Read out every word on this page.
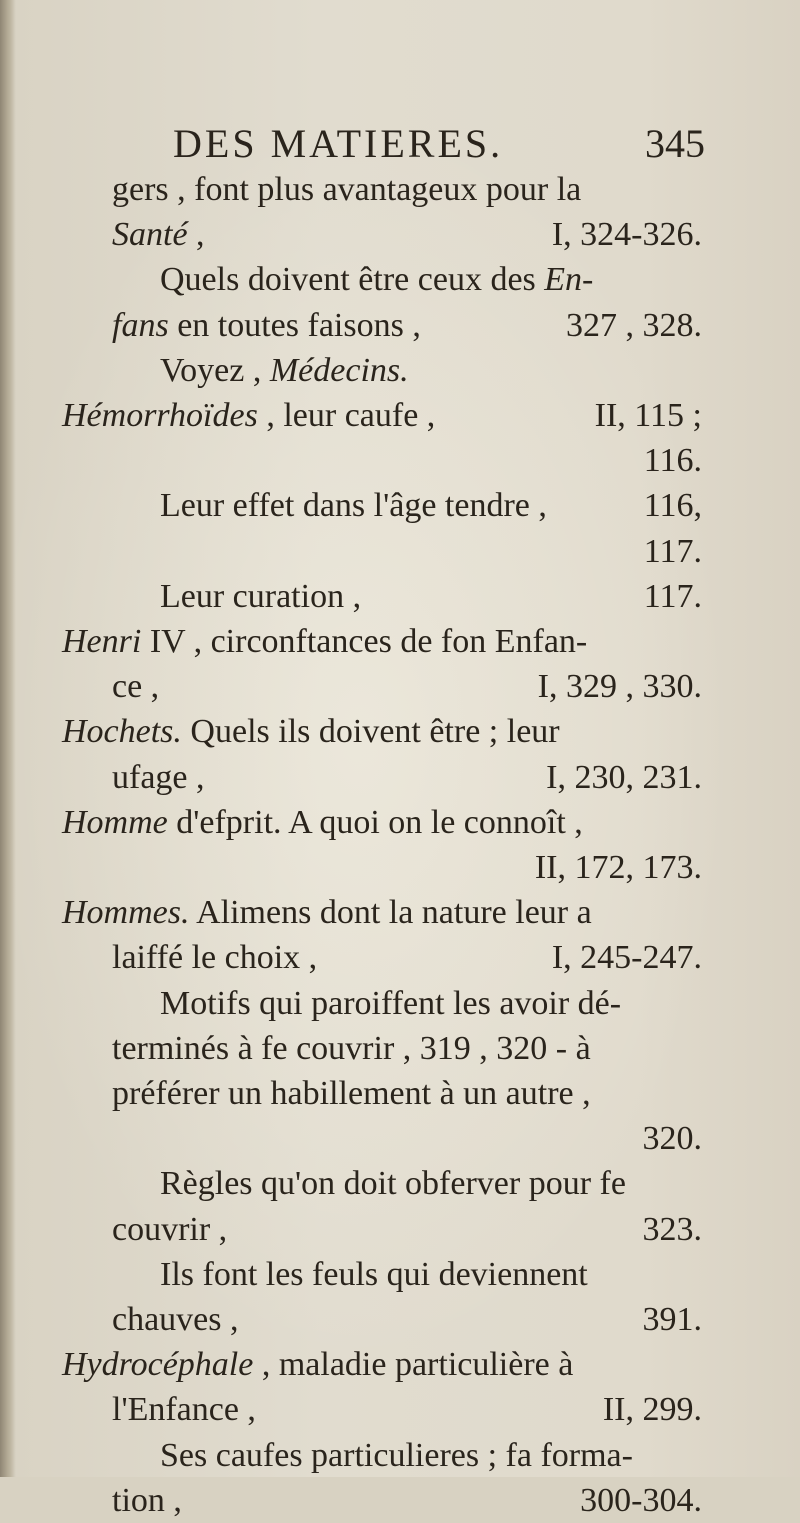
DES MATIERES.	345
gers , font plus avantageux pour la
Santé ,	I, 324-326.
Quels doivent être ceux des En-
fans en toutes faisons ,	327 , 328.
Voyez , Médecins.
Hémorrhoïdes , leur caufe ,	II, 115 ;
116.
Leur effet dans l'âge tendre ,	116,
117.
Leur curation ,	117.
Henri IV , circonftances de fon Enfan-
ce ,	I, 329 , 330.
Hochets. Quels ils doivent être ; leur
ufage ,	I, 230, 231.
Homme d'efprit. A quoi on le connoît ,
II, 172, 173.
Hommes. Alimens dont la nature leur a
laiffé le choix ,	I, 245-247.
Motifs qui paroiffent les avoir dé-
terminés à fe couvrir , 319 , 320 - à
préférer un habillement à un autre ,
320.
Règles qu'on doit obferver pour fe
couvrir ,	323.
Ils font les feuls qui deviennent
chauves ,	391.
Hydrocéphale , maladie particulière à
l'Enfance ,	II, 299.
Ses caufes particulieres ; fa forma-
tion ,	300-304.
